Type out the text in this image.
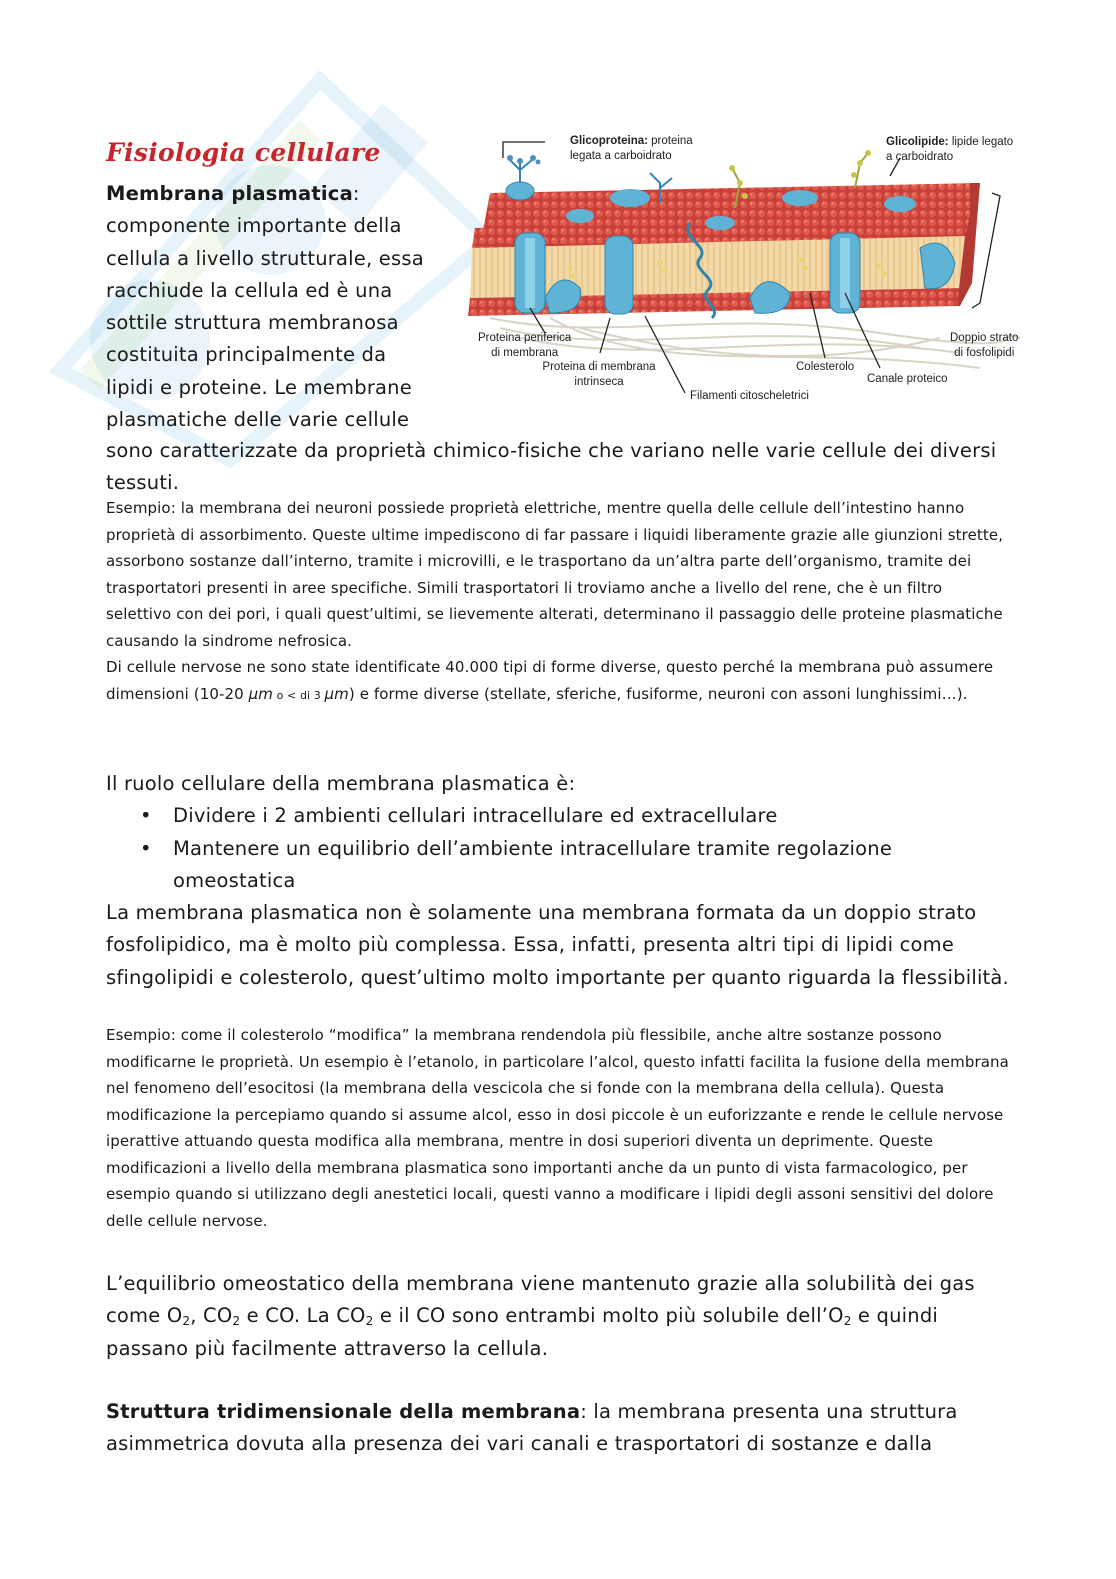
Fisiologia cellulare
Membrana plasmatica:
componente importante della
cellula a livello strutturale, essa
racchiude la cellula ed è una
sottile struttura membranosa
costituita principalmente da
lipidi e proteine. Le membrane
plasmatiche delle varie cellule
sono caratterizzate da proprietà chimico-fisiche che variano nelle varie cellule dei diversi tessuti.
Glicoproteina: proteina
legata a carboidrato
Glicolipide: lipide legato
a carboidrato
Proteina periferica
di membrana
Proteina di membrana
intrinseca
Filamenti citoscheletrici
Colesterolo
Canale proteico
Doppio strato
di fosfolipidi

Esempio: la membrana dei neuroni possiede proprietà elettriche, mentre quella delle cellule dell’intestino hanno proprietà di assorbimento. Queste ultime impediscono di far passare i liquidi liberamente grazie alle giunzioni strette, assorbono sostanze dall’interno, tramite i microvilli, e le trasportano da un’altra parte dell’organismo, tramite dei trasportatori presenti in aree specifiche. Simili trasportatori li troviamo anche a livello del rene, che è un filtro selettivo con dei pori, i quali quest’ultimi, se lievemente alterati, determinano il passaggio delle proteine plasmatiche causando la sindrome nefrosica.

Di cellule nervose ne sono state identificate 40.000 tipi di forme diverse, questo perché la membrana può assumere dimensioni (10-20 µm o < di 3 µm) e forme diverse (stellate, sferiche, fusiforme, neuroni con assoni lunghissimi…).

Il ruolo cellulare della membrana plasmatica è:

• Dividere i 2 ambienti cellulari intracellulare ed extracellulare
• Mantenere un equilibrio dell’ambiente intracellulare tramite regolazione omeostatica

La membrana plasmatica non è solamente una membrana formata da un doppio strato fosfolipidico, ma è molto più complessa. Essa, infatti, presenta altri tipi di lipidi come sfingolipidi e colesterolo, quest’ultimo molto importante per quanto riguarda la flessibilità.

Esempio: come il colesterolo “modifica” la membrana rendendola più flessibile, anche altre sostanze possono modificarne le proprietà. Un esempio è l’etanolo, in particolare l’alcol, questo infatti facilita la fusione della membrana nel fenomeno dell’esocitosi (la membrana della vescicola che si fonde con la membrana della cellula). Questa modificazione la percepiamo quando si assume alcol, esso in dosi piccole è un euforizzante e rende le cellule nervose iperattive attuando questa modifica alla membrana, mentre in dosi superiori diventa un deprimente. Queste modificazioni a livello della membrana plasmatica sono importanti anche da un punto di vista farmacologico, per esempio quando si utilizzano degli anestetici locali, questi vanno a modificare i lipidi degli assoni sensitivi del dolore delle cellule nervose.
L’equilibrio omeostatico della membrana viene mantenuto grazie alla solubilità dei gas come $O_2$, $CO_2$ e CO. La $CO_2$ e il CO sono entrambi molto più solubile $dell’O_2$ e quindi passano più facilmente attraverso la cellula.
Struttura tridimensionale della membrana: la membrana presenta una struttura asimmetrica dovuta alla presenza dei vari canali e trasportatori di sostanze e dalla
